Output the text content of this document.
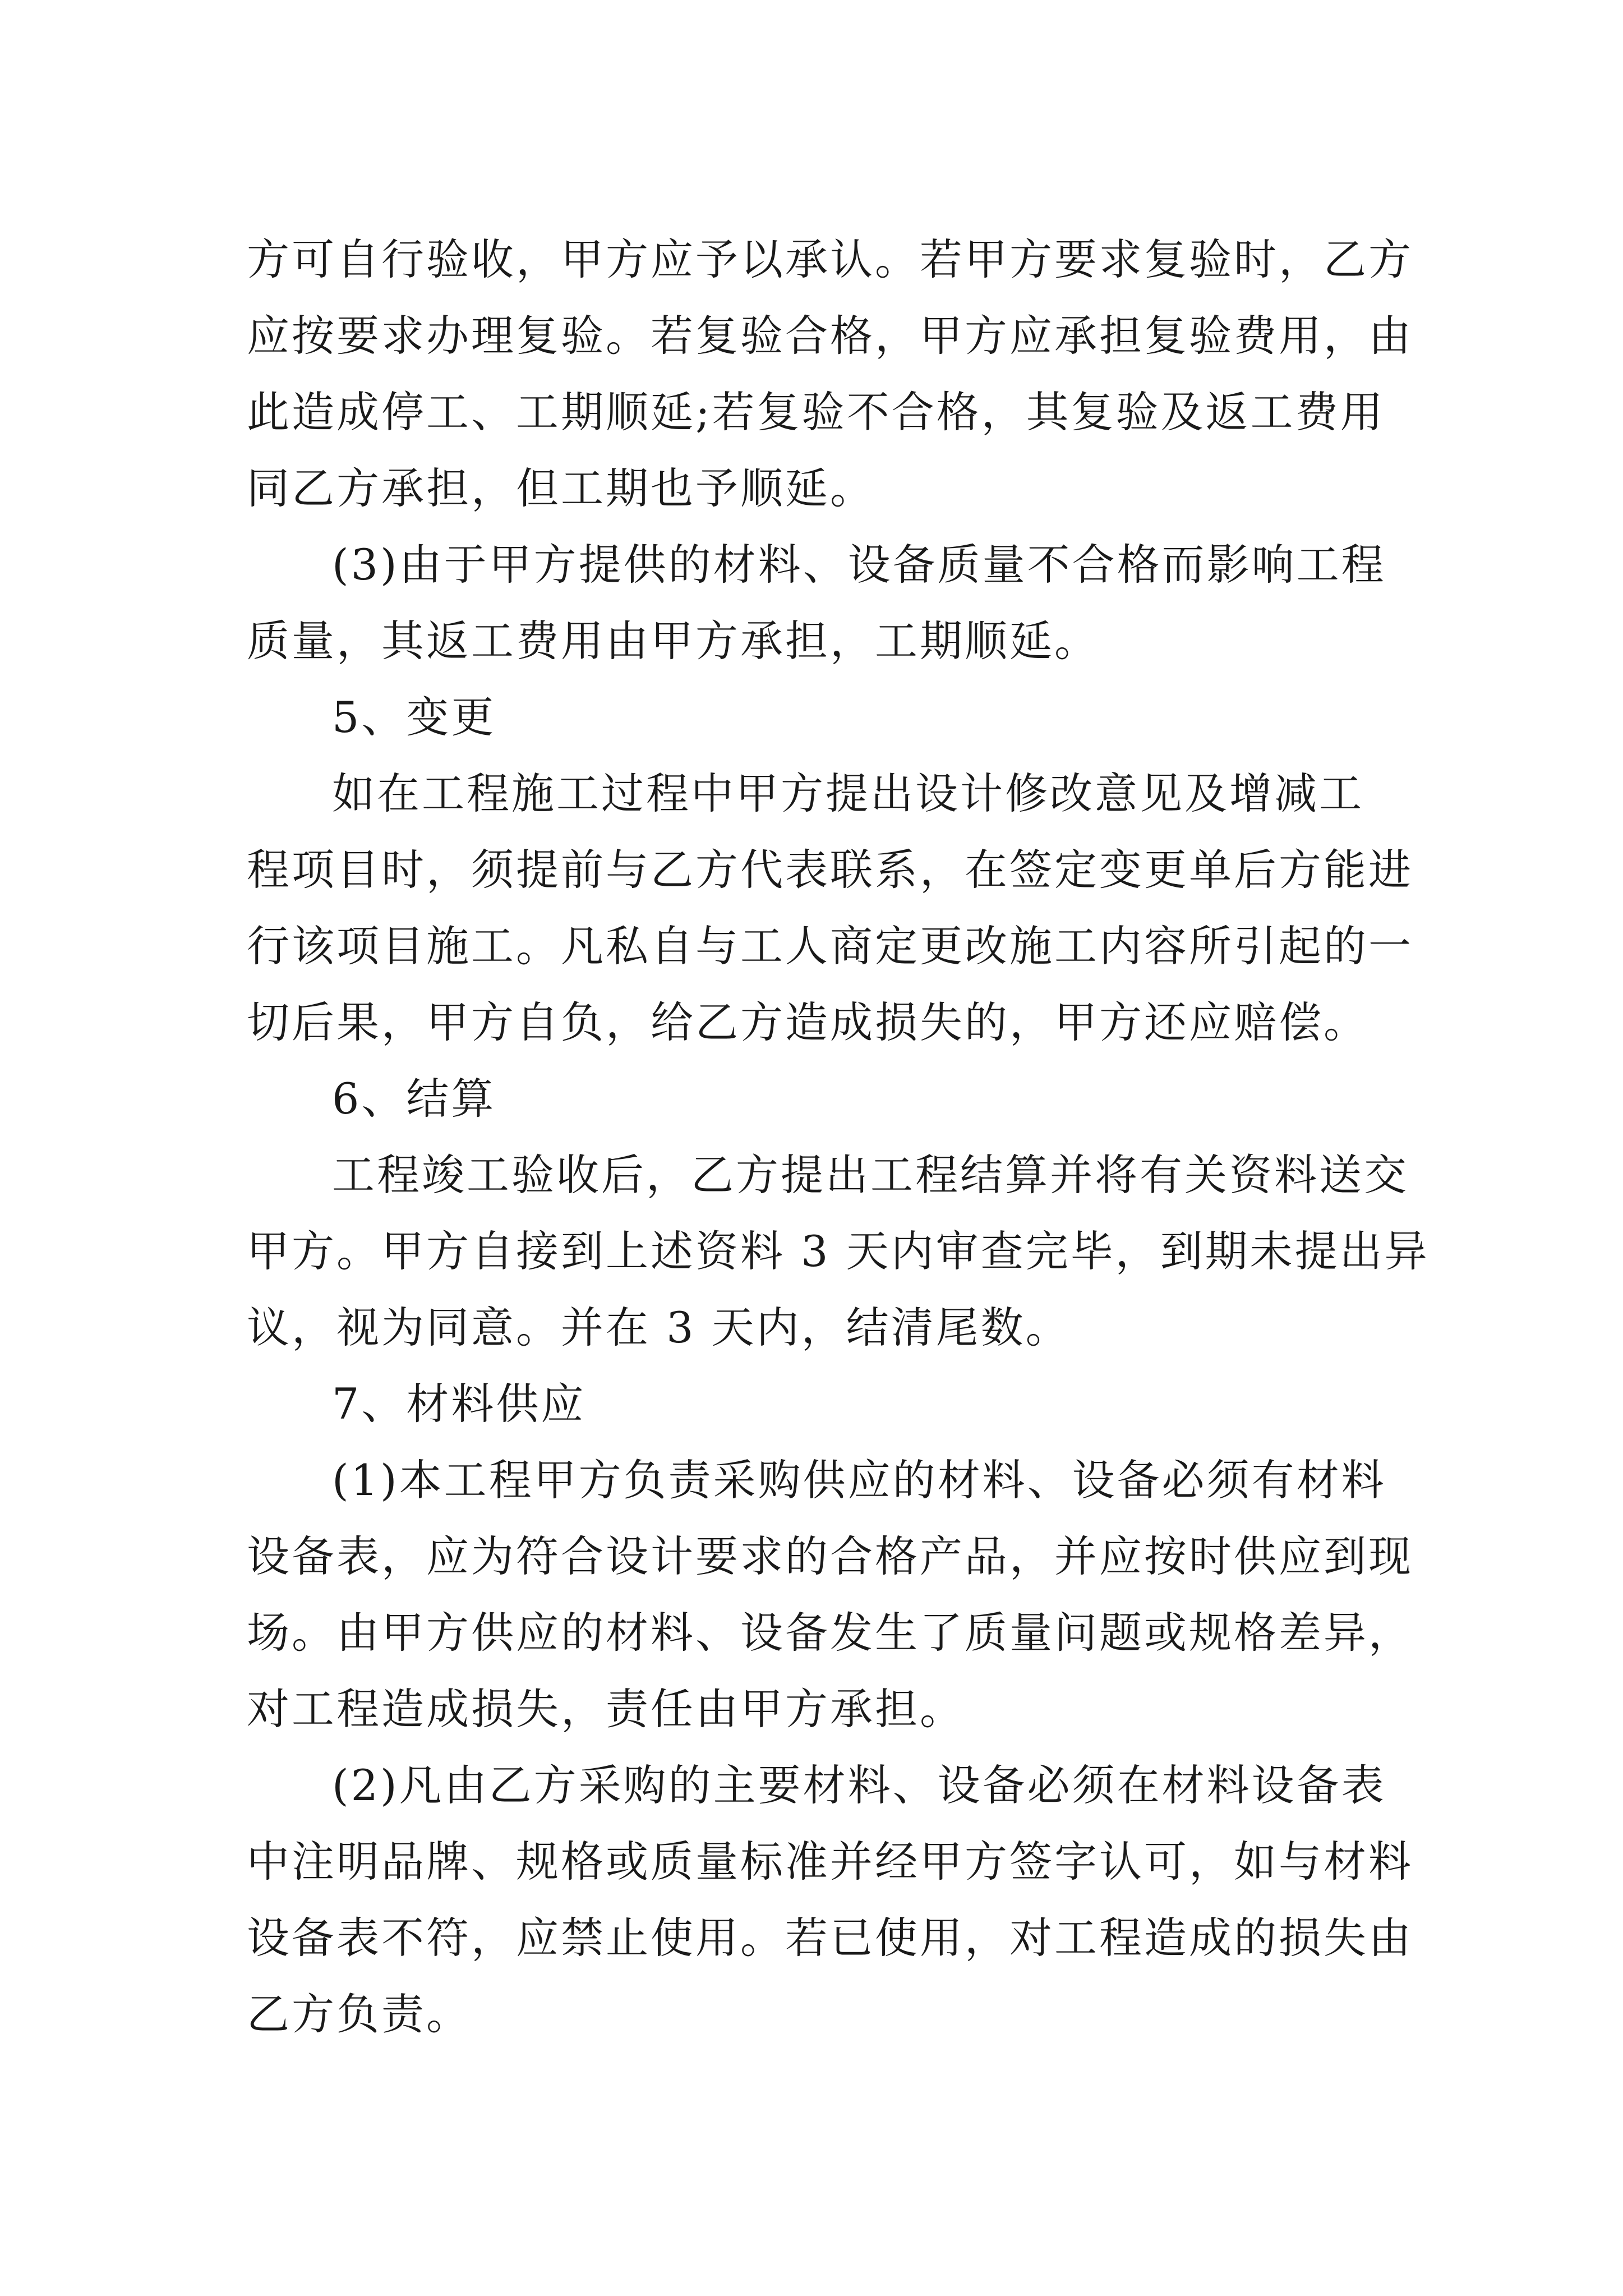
方可自行验收，甲方应予以承认。若甲方要求复验时，乙方
应按要求办理复验。若复验合格，甲方应承担复验费用，由
此造成停工、工期顺延;若复验不合格，其复验及返工费用
同乙方承担，但工期也予顺延。
(3)由于甲方提供的材料、设备质量不合格而影响工程
质量，其返工费用由甲方承担，工期顺延。
5、变更
如在工程施工过程中甲方提出设计修改意见及增减工
程项目时，须提前与乙方代表联系，在签定变更单后方能进
行该项目施工。凡私自与工人商定更改施工内容所引起的一
切后果，甲方自负，给乙方造成损失的，甲方还应赔偿。
6、结算
工程竣工验收后，乙方提出工程结算并将有关资料送交
甲方。甲方自接到上述资料 3 天内审查完毕，到期未提出异
议，视为同意。并在 3 天内，结清尾数。
7、材料供应
(1)本工程甲方负责采购供应的材料、设备必须有材料
设备表，应为符合设计要求的合格产品，并应按时供应到现
场。由甲方供应的材料、设备发生了质量问题或规格差异，
对工程造成损失，责任由甲方承担。
(2)凡由乙方采购的主要材料、设备必须在材料设备表
中注明品牌、规格或质量标准并经甲方签字认可，如与材料
设备表不符，应禁止使用。若已使用，对工程造成的损失由
乙方负责。
